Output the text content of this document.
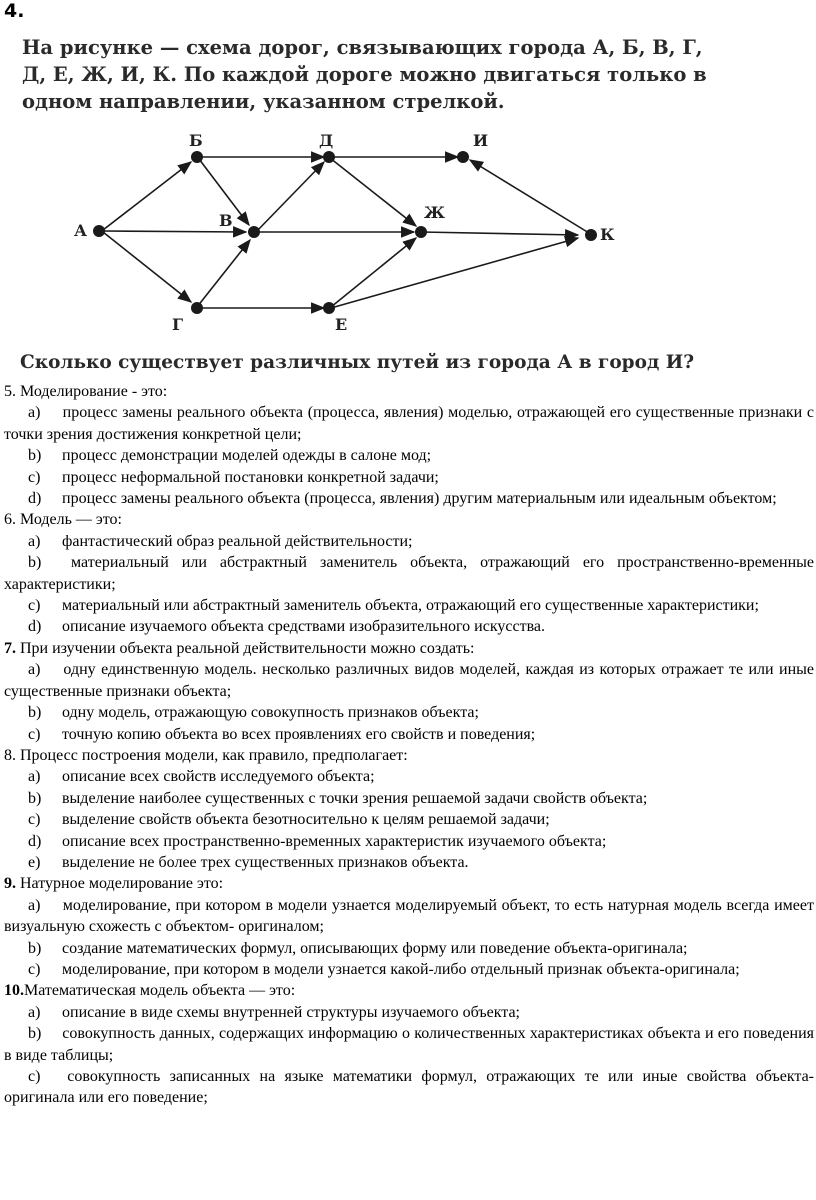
4.
На рисунке — схема дорог, связывающих города А, Б, В, Г,
Д, Е, Ж, И, К. По каждой дороге можно двигаться только в
одном направлении, указанном стрелкой.
А
Б
В
Г
Д
Е
Ж
И
К
Сколько существует различных путей из города А в город И?

5. Моделирование - это:

a) процесс замены реального объекта (процесса, явления) моделью, отражающей его существенные признаки с точки зрения достижения конкретной цели;

b) процесс демонстрации моделей одежды в салоне мод;

c) процесс неформальной постановки конкретной задачи;

d) процесс замены реального объекта (процесса, явления) другим материальным или идеальным объектом;

6. Модель — это:

a) фантастический образ реальной действительности;

b) материальный или абстрактный заменитель объекта, отражающий его пространственно-временные характеристики;

c) материальный или абстрактный заменитель объекта, отражающий его существенные характеристики;

d) описание изучаемого объекта средствами изобразительного искусства.

7. При изучении объекта реальной действительности можно создать:

a) одну единственную модель. несколько различных видов моделей, каждая из которых отражает те или иные существенные признаки объекта;

b) одну модель, отражающую совокупность признаков объекта;

c) точную копию объекта во всех проявлениях его свойств и поведения;

8. Процесс построения модели, как правило, предполагает:

a) описание всех свойств исследуемого объекта;

b) выделение наиболее существенных с точки зрения решаемой задачи свойств объекта;

c) выделение свойств объекта безотносительно к целям решаемой задачи;

d) описание всех пространственно-временных характеристик изучаемого объекта;

e) выделение не более трех существенных признаков объекта.

9. Натурное моделирование это:

a) моделирование, при котором в модели узнается моделируемый объект, то есть натурная модель всегда имеет визуальную схожесть с объектом- оригиналом;

b) создание математических формул, описывающих форму или поведение объекта-оригинала;

c) моделирование, при котором в модели узнается какой-либо отдельный признак объекта-оригинала;

10.Математическая модель объекта — это:

a) описание в виде схемы внутренней структуры изучаемого объекта;

b) совокупность данных, содержащих информацию о количественных характеристиках объекта и его поведения в виде таблицы;

c) совокупность записанных на языке математики формул, отражающих те или иные свойства объекта-оригинала или его поведение;
